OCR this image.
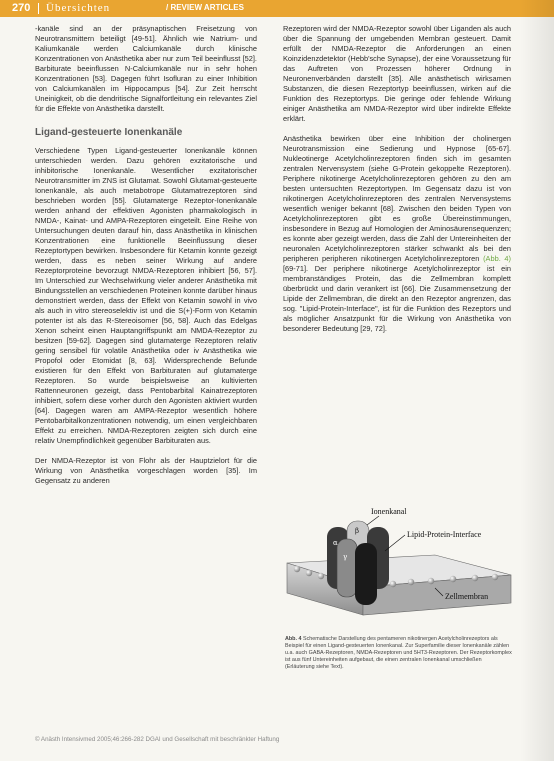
270 Übersichten	/ REVIEW ARTICLES

-kanäle sind an der präsynaptischen Freisetzung von Neurotransmittern beteiligt [49-51]. Ähnlich wie Natrium- und Kaliumkanäle werden Calciumkanäle durch klinische Konzentrationen von Anästhetika aber nur zum Teil beeinflusst [52]. Barbiturate beeinflussen N-Calciumkanäle nur in sehr hohen Konzentrationen [53]. Dagegen führt Isofluran zu einer Inhibition von Calciumkanälen im Hippocampus [54]. Zur Zeit herrscht Uneinigkeit, ob die dendritische Signalfortleitung ein relevantes Ziel für die Effekte von Anästhetika darstellt.

Ligand-gesteuerte Ionenkanäle

Verschiedene Typen Ligand-gesteuerter Ionenkanäle können unterschieden werden. Dazu gehören exzitatorische und inhibitorische Ionenkanäle. Wesentlicher exzitatorischer Neurotransmitter im ZNS ist Glutamat. Sowohl Glutamat-gesteuerte Ionenkanäle, als auch metabotrope Glutamatrezeptoren sind beschrieben worden [55]. Glutamaterge Rezeptor-Ionenkanäle werden anhand der effektiven Agonisten pharmakologisch in NMDA-, Kainat- und AMPA-Rezeptoren eingeteilt. Eine Reihe von Untersuchungen deuten darauf hin, dass Anästhetika in klinischen Konzentrationen eine funktionelle Beeinflussung dieser Rezeptortypen bewirken. Insbesondere für Ketamin konnte gezeigt werden, dass es neben seiner Wirkung auf andere Rezeptorproteine bevorzugt NMDA-Rezeptoren inhibiert [56, 57]. Im Unterschied zur Wechselwirkung vieler anderer Anästhetika mit Bindungsstellen an verschiedenen Proteinen konnte darüber hinaus demonstriert werden, dass der Effekt von Ketamin sowohl in vivo als auch in vitro stereoselektiv ist und die S(+)-Form von Ketamin potenter ist als das R-Stereoisomer [56, 58]. Auch das Edelgas Xenon scheint einen Hauptangriffspunkt am NMDA-Rezeptor zu besitzen [59-62]. Dagegen sind glutamaterge Rezeptoren relativ gering sensibel für volatile Anästhetika oder iv Anästhetika wie Propofol oder Etomidat [8, 63]. Widersprechende Befunde existieren für den Effekt von Barbituraten auf glutamaterge Rezeptoren. So wurde beispielsweise an kultivierten Rattenneuronen gezeigt, dass Pentobarbital Kainatrezeptoren inhibiert, sofern diese vorher durch den Agonisten aktiviert wurden [64]. Dagegen waren am AMPA-Rezeptor wesentlich höhere Pentobarbitalkonzentrationen notwendig, um einen vergleichbaren Effekt zu erreichen. NMDA-Rezeptoren zeigten sich durch eine relativ Unempfindlichkeit gegenüber Barbituraten aus.

Der NMDA-Rezeptor ist von Flohr als der Hauptzielort für die Wirkung von Anästhetika vorgeschlagen worden [35]. Im Gegensatz zu anderen

Rezeptoren wird der NMDA-Rezeptor sowohl über Liganden als auch über die Spannung der umgebenden Membran gesteuert. Damit erfüllt der NMDA-Rezeptor die Anforderungen an einen Koinzidenzdetektor (Hebb'sche Synapse), der eine Voraussetzung für das Auftreten von Prozessen höherer Ordnung in Neuronenverbänden darstellt [35]. Alle anästhetisch wirksamen Substanzen, die diesen Rezeptortyp beeinflussen, wirken auf die Funktion des Rezeptortyps. Die geringe oder fehlende Wirkung einiger Anästhetika am NMDA-Rezeptor wird über indirekte Effekte erklärt.

Anästhetika bewirken über eine Inhibition der cholinergen Neurotransmission eine Sedierung und Hypnose [65-67]. Nukleotinerge Acetylcholinrezeptoren finden sich im gesamten zentralen Nervensystem (siehe G-Protein gekoppelte Rezeptoren). Periphere nikotinerge Acetylcholinrezeptoren gehören zu den am besten untersuchten Rezeptortypen. Im Gegensatz dazu ist von nikotinergen Acetylcholinrezeptoren des zentralen Nervensystems wesentlich weniger bekannt [68]. Zwischen den beiden Typen von Acetylcholinrezeptoren gibt es große Übereinstimmungen, insbesondere in Bezug auf Homologien der Aminosäurensequenzen; es konnte aber gezeigt werden, dass die Zahl der Untereinheiten der neuronalen Acetylcholinrezeptoren stärker schwankt als bei den peripheren peripheren nikotinergen Acetylcholinrezeptoren (Abb. 4) [69-71]. Der periphere nikotinerge Acetylcholinrezeptor ist ein membranständiges Protein, das die Zellmembran komplett überbrückt und darin verankert ist [66]. Die Zusammensetzung der Lipide der Zellmembran, die direkt an den Rezeptor angrenzen, das sog. "Lipid-Protein-Interface", ist für die Funktion des Rezeptors und als möglicher Ansatzpunkt für die Wirkung von Anästhetika von besonderer Bedeutung [29, 72].

β
α
γ
Ionenkanal
Lipid-Protein-Interface
Zellmembran
Abb. 4 Schematische Darstellung des pentameren nikotinergen Acetylcholinrezeptors als Beispiel für einen Ligand-gesteuerten Ionenkanal. Zur Superfamilie dieser Ionenkanäle zählen u.a. auch GABA-Rezeptoren, NMDA-Rezeptoren und 5HT3-Rezeptoren. Der Rezeptorkomplex ist aus fünf Untereinheiten aufgebaut, die einen zentralen Ionenkanal umschließen (Erläuterung siehe Text).
© Anästh Intensivmed 2005;46:266-282 DGAI und Gesellschaft mit beschränkter Haftung
